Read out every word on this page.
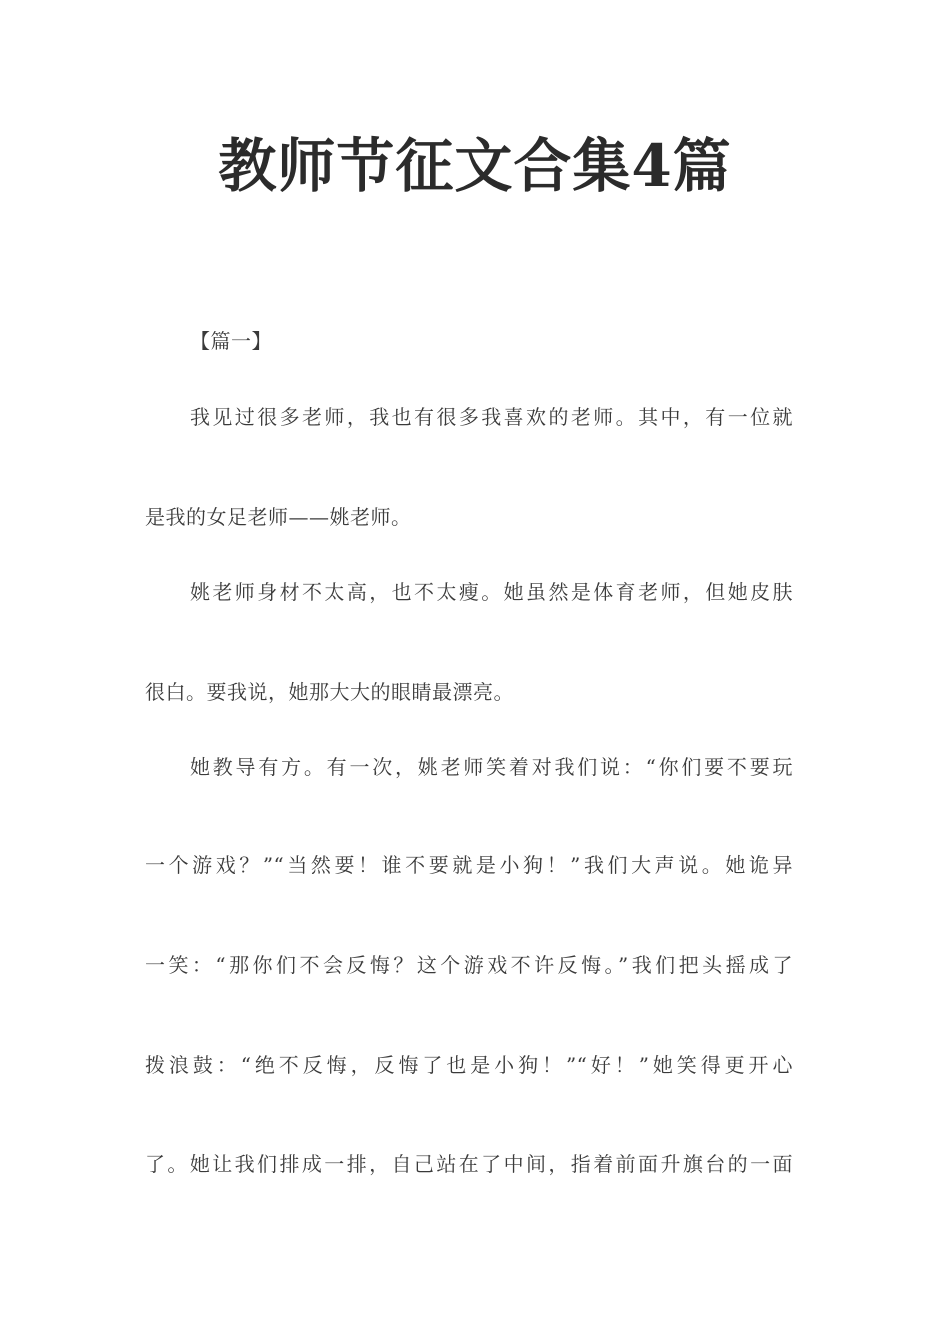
教师节征文合集4篇
【篇一】
我见过很多老师，我也有很多我喜欢的老师。其中，有一位就
是我的女足老师——姚老师。
姚老师身材不太高，也不太瘦。她虽然是体育老师，但她皮肤
很白。要我说，她那大大的眼睛最漂亮。
她教导有方。有一次，姚老师笑着对我们说：“你们要不要玩
一个游戏？”“当然要！谁不要就是小狗！”我们大声说。她诡异
一笑：“那你们不会反悔？这个游戏不许反悔。”我们把头摇成了
拨浪鼓：“绝不反悔，反悔了也是小狗！”“好！”她笑得更开心
了。她让我们排成一排，自己站在了中间，指着前面升旗台的一面
